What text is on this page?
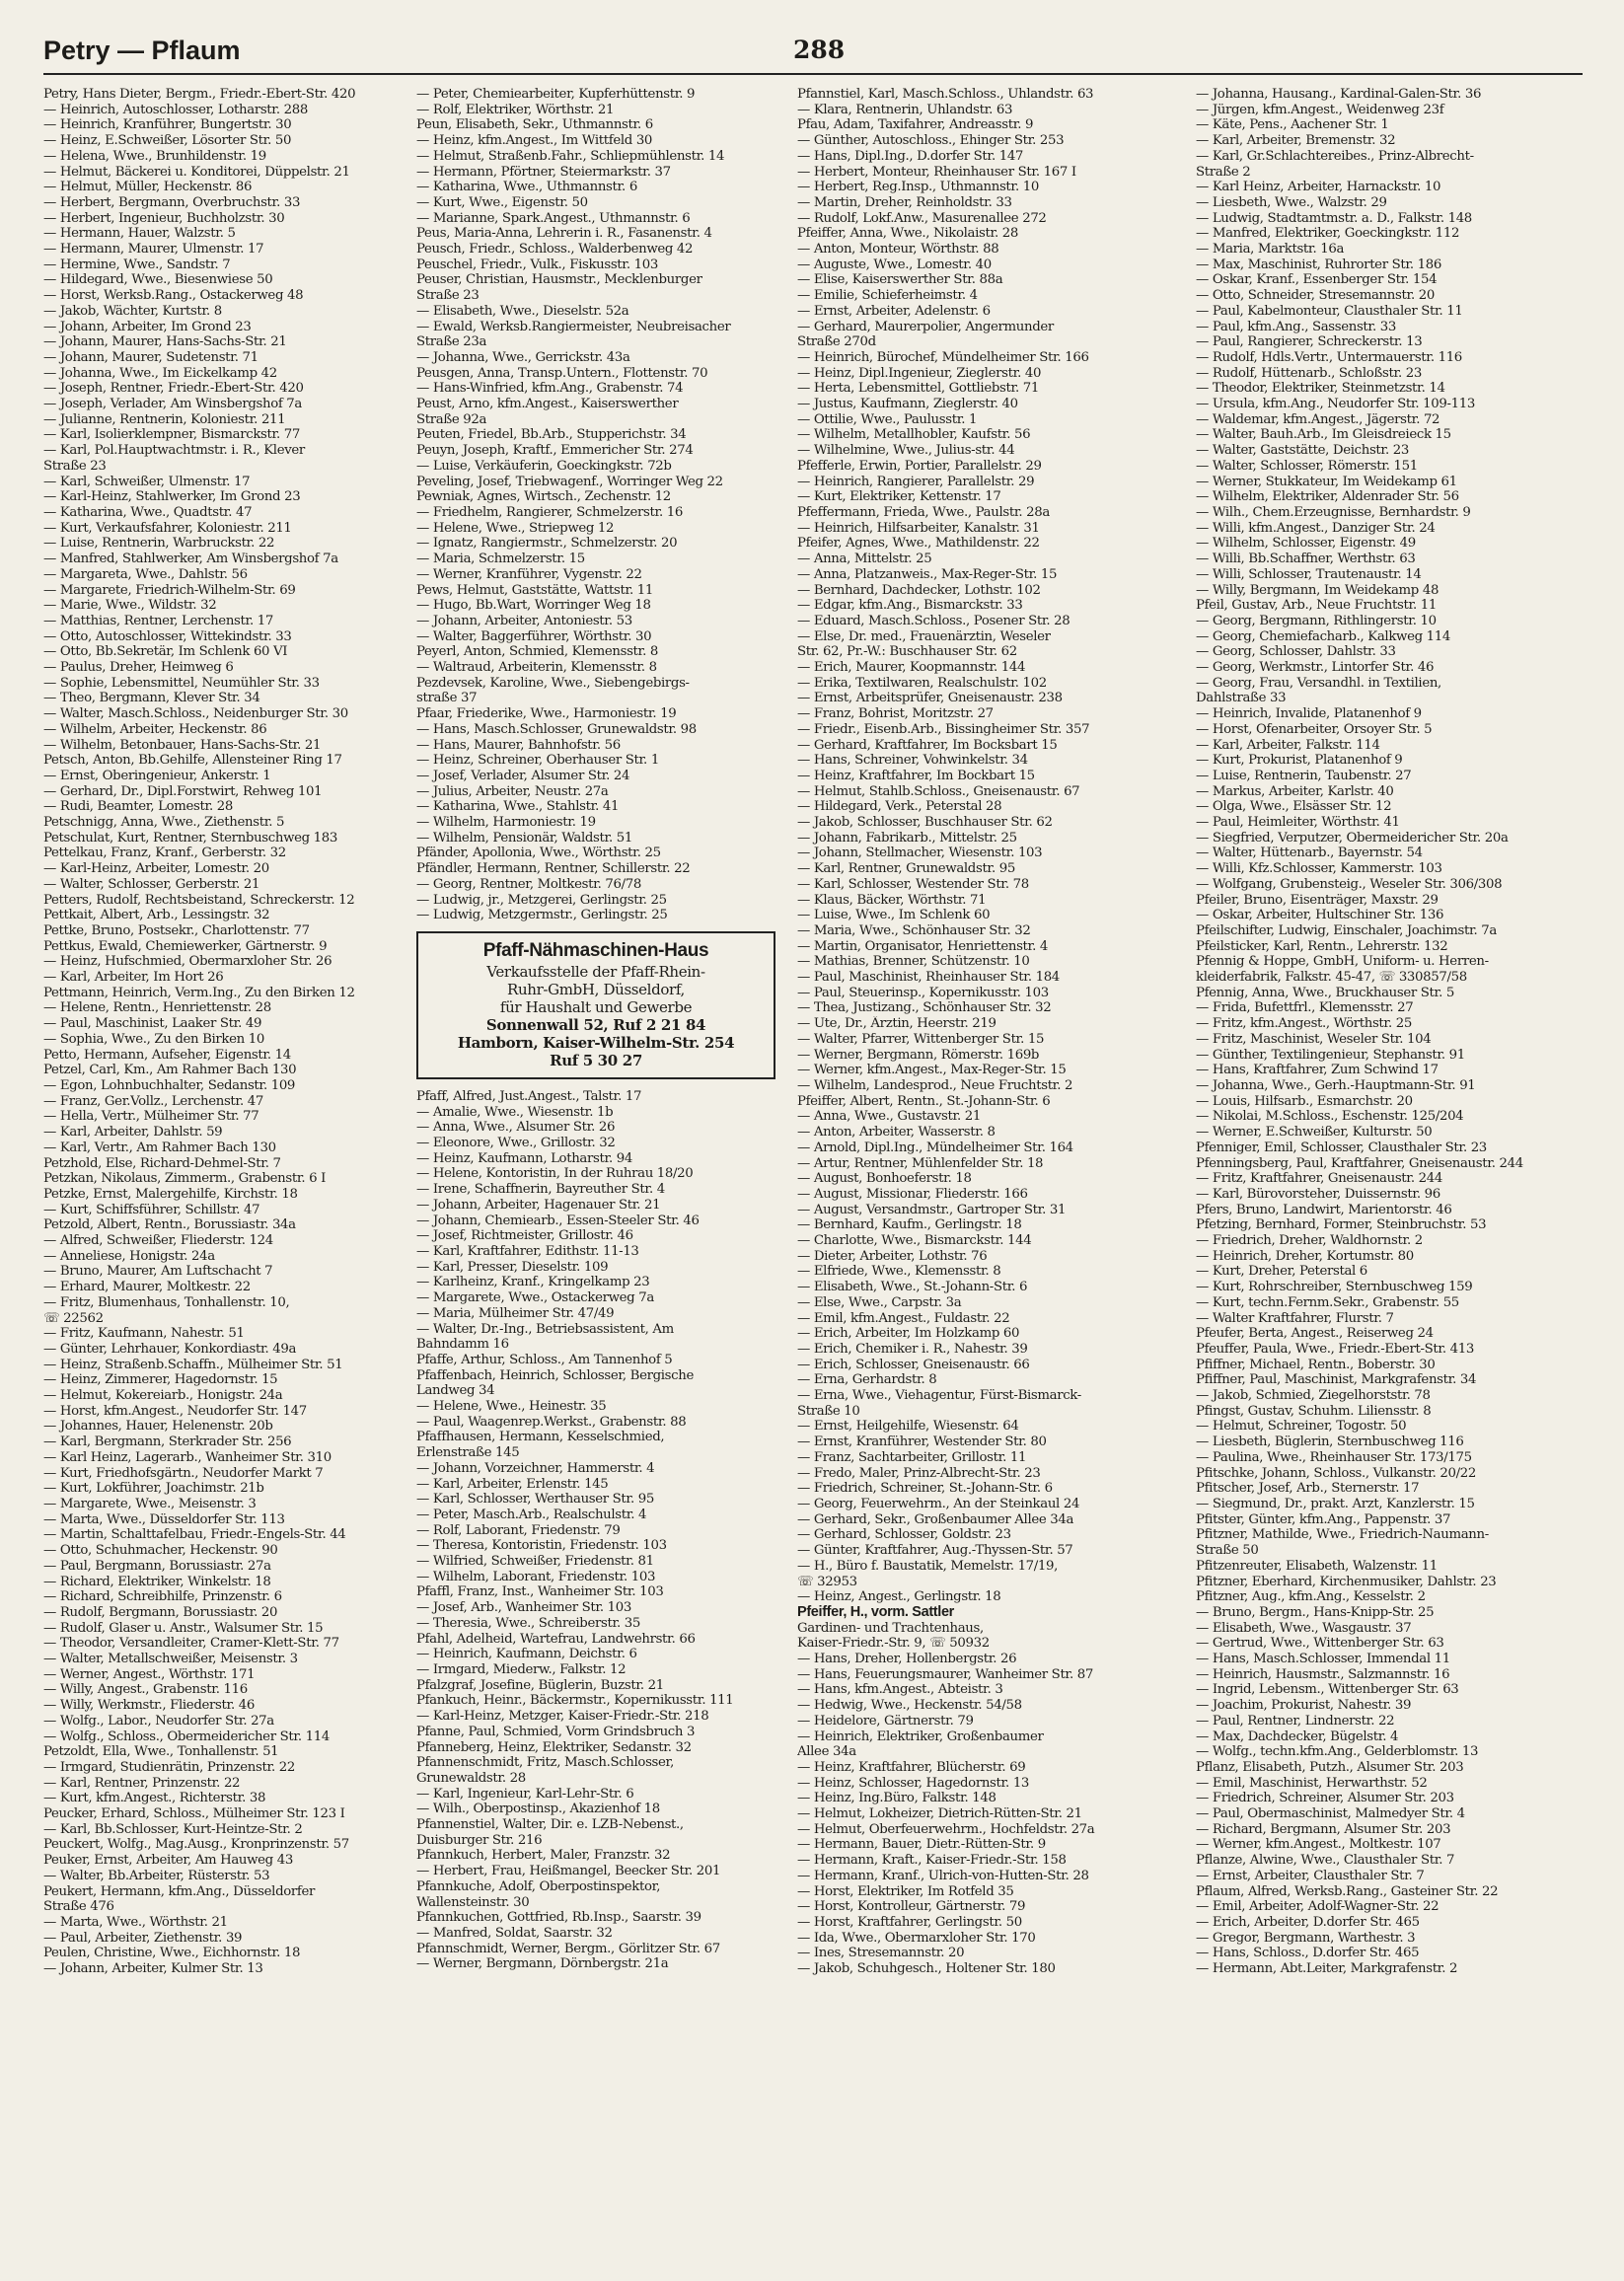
Petry — Pflaum	288
Petry, Hans Dieter, Bergm., Friedr.-Ebert-Str. 420
— Heinrich, Autoschlosser, Lotharstr. 288
— Heinrich, Kranführer, Bungertstr. 30
— Heinz, E.Schweißer, Lösorter Str. 50
— Helena, Wwe., Brunhildenstr. 19
— Helmut, Bäckerei u. Konditorei, Düppelstr. 21
— Helmut, Müller, Heckenstr. 86
— Herbert, Bergmann, Overbruchstr. 33
— Herbert, Ingenieur, Buchholzstr. 30
— Hermann, Hauer, Walzstr. 5
— Hermann, Maurer, Ulmenstr. 17
— Hermine, Wwe., Sandstr. 7
— Hildegard, Wwe., Biesenwiese 50
— Horst, Werksb.Rang., Ostackerweg 48
— Jakob, Wächter, Kurtstr. 8
— Johann, Arbeiter, Im Grond 23
— Johann, Maurer, Hans-Sachs-Str. 21
— Johann, Maurer, Sudetenstr. 71
— Johanna, Wwe., Im Eickelkamp 42
— Joseph, Rentner, Friedr.-Ebert-Str. 420
— Joseph, Verlader, Am Winsbergshof 7a
— Julianne, Rentnerin, Koloniestr. 211
— Karl, Isolierklempner, Bismarckstr. 77
— Karl, Pol.Hauptwachtmstr. i. R., Klever
Straße 23
— Karl, Schweißer, Ulmenstr. 17
— Karl-Heinz, Stahlwerker, Im Grond 23
— Katharina, Wwe., Quadtstr. 47
— Kurt, Verkaufsfahrer, Koloniestr. 211
— Luise, Rentnerin, Warbruckstr. 22
— Manfred, Stahlwerker, Am Winsbergshof 7a
— Margareta, Wwe., Dahlstr. 56
— Margarete, Friedrich-Wilhelm-Str. 69
— Marie, Wwe., Wildstr. 32
— Matthias, Rentner, Lerchenstr. 17
— Otto, Autoschlosser, Wittekindstr. 33
— Otto, Bb.Sekretär, Im Schlenk 60 VI
— Paulus, Dreher, Heimweg 6
— Sophie, Lebensmittel, Neumühler Str. 33
— Theo, Bergmann, Klever Str. 34
— Walter, Masch.Schloss., Neidenburger Str. 30
— Wilhelm, Arbeiter, Heckenstr. 86
— Wilhelm, Betonbauer, Hans-Sachs-Str. 21
Petsch, Anton, Bb.Gehilfe, Allensteiner Ring 17
— Ernst, Oberingenieur, Ankerstr. 1
— Gerhard, Dr., Dipl.Forstwirt, Rehweg 101
— Rudi, Beamter, Lomestr. 28
Petschnigg, Anna, Wwe., Ziethenstr. 5
Petschulat, Kurt, Rentner, Sternbuschweg 183
Pettelkau, Franz, Kranf., Gerberstr. 32
— Karl-Heinz, Arbeiter, Lomestr. 20
— Walter, Schlosser, Gerberstr. 21
Petters, Rudolf, Rechtsbeistand, Schreckerstr. 12
Pettkait, Albert, Arb., Lessingstr. 32
Pettke, Bruno, Postsekr., Charlottenstr. 77
Pettkus, Ewald, Chemiewerker, Gärtnerstr. 9
— Heinz, Hufschmied, Obermarxloher Str. 26
— Karl, Arbeiter, Im Hort 26
Pettmann, Heinrich, Verm.Ing., Zu den Birken 12
— Helene, Rentn., Henriettenstr. 28
— Paul, Maschinist, Laaker Str. 49
— Sophia, Wwe., Zu den Birken 10
Petto, Hermann, Aufseher, Eigenstr. 14
Petzel, Carl, Km., Am Rahmer Bach 130
— Egon, Lohnbuchhalter, Sedanstr. 109
— Franz, Ger.Vollz., Lerchenstr. 47
— Hella, Vertr., Mülheimer Str. 77
— Karl, Arbeiter, Dahlstr. 59
— Karl, Vertr., Am Rahmer Bach 130
Petzhold, Else, Richard-Dehmel-Str. 7
Petzkan, Nikolaus, Zimmerm., Grabenstr. 6 I
Petzke, Ernst, Malergehilfe, Kirchstr. 18
— Kurt, Schiffsführer, Schillstr. 47
Petzold, Albert, Rentn., Borussiastr. 34a
— Alfred, Schweißer, Fliederstr. 124
— Anneliese, Honigstr. 24a
— Bruno, Maurer, Am Luftschacht 7
— Erhard, Maurer, Moltkestr. 22
— Fritz, Blumenhaus, Tonhallenstr. 10,
☏ 22562
— Fritz, Kaufmann, Nahestr. 51
— Günter, Lehrhauer, Konkordiastr. 49a
— Heinz, Straßenb.Schaffn., Mülheimer Str. 51
— Heinz, Zimmerer, Hagedornstr. 15
— Helmut, Kokereiarb., Honigstr. 24a
— Horst, kfm.Angest., Neudorfer Str. 147
— Johannes, Hauer, Helenenstr. 20b
— Karl, Bergmann, Sterkrader Str. 256
— Karl Heinz, Lagerarb., Wanheimer Str. 310
— Kurt, Friedhofsgärtn., Neudorfer Markt 7
— Kurt, Lokführer, Joachimstr. 21b
— Margarete, Wwe., Meisenstr. 3
— Marta, Wwe., Düsseldorfer Str. 113
— Martin, Schalttafelbau, Friedr.-Engels-Str. 44
— Otto, Schuhmacher, Heckenstr. 90
— Paul, Bergmann, Borussiastr. 27a
— Richard, Elektriker, Winkelstr. 18
— Richard, Schreibhilfe, Prinzenstr. 6
— Rudolf, Bergmann, Borussiastr. 20
— Rudolf, Glaser u. Anstr., Walsumer Str. 15
— Theodor, Versandleiter, Cramer-Klett-Str. 77
— Walter, Metallschweißer, Meisenstr. 3
— Werner, Angest., Wörthstr. 171
— Willy, Angest., Grabenstr. 116
— Willy, Werkmstr., Fliederstr. 46
— Wolfg., Labor., Neudorfer Str. 27a
— Wolfg., Schloss., Obermeidericher Str. 114
Petzoldt, Ella, Wwe., Tonhallenstr. 51
— Irmgard, Studienrätin, Prinzenstr. 22
— Karl, Rentner, Prinzenstr. 22
— Kurt, kfm.Angest., Richterstr. 38
Peucker, Erhard, Schloss., Mülheimer Str. 123 I
— Karl, Bb.Schlosser, Kurt-Heintze-Str. 2
Peuckert, Wolfg., Mag.Ausg., Kronprinzenstr. 57
Peuker, Ernst, Arbeiter, Am Hauweg 43
— Walter, Bb.Arbeiter, Rüsterstr. 53
Peukert, Hermann, kfm.Ang., Düsseldorfer
Straße 476
— Marta, Wwe., Wörthstr. 21
— Paul, Arbeiter, Ziethenstr. 39
Peulen, Christine, Wwe., Eichhornstr. 18
— Johann, Arbeiter, Kulmer Str. 13
— Peter, Chemiearbeiter, Kupferhüttenstr. 9
— Rolf, Elektriker, Wörthstr. 21
Peun, Elisabeth, Sekr., Uthmannstr. 6
— Heinz, kfm.Angest., Im Wittfeld 30
— Helmut, Straßenb.Fahr., Schliepmühlenstr. 14
— Hermann, Pförtner, Steiermarkstr. 37
— Katharina, Wwe., Uthmannstr. 6
— Kurt, Wwe., Eigenstr. 50
— Marianne, Spark.Angest., Uthmannstr. 6
Peus, Maria-Anna, Lehrerin i. R., Fasanenstr. 4
Peusch, Friedr., Schloss., Walderbenweg 42
Peuschel, Friedr., Vulk., Fiskusstr. 103
Peuser, Christian, Hausmstr., Mecklenburger
Straße 23
— Elisabeth, Wwe., Dieselstr. 52a
— Ewald, Werksb.Rangiermeister, Neubreisacher
Straße 23a
— Johanna, Wwe., Gerrickstr. 43a
Peusgen, Anna, Transp.Untern., Flottenstr. 70
— Hans-Winfried, kfm.Ang., Grabenstr. 74
Peust, Arno, kfm.Angest., Kaiserswerther
Straße 92a
Peuten, Friedel, Bb.Arb., Stupperichstr. 34
Peuyn, Joseph, Kraftf., Emmericher Str. 274
— Luise, Verkäuferin, Goeckingkstr. 72b
Peveling, Josef, Triebwagenf., Worringer Weg 22
Pewniak, Agnes, Wirtsch., Zechenstr. 12
— Friedhelm, Rangierer, Schmelzerstr. 16
— Helene, Wwe., Striepweg 12
— Ignatz, Rangiermstr., Schmelzerstr. 20
— Maria, Schmelzerstr. 15
— Werner, Kranführer, Vygenstr. 22
Pews, Helmut, Gaststätte, Wattstr. 11
— Hugo, Bb.Wart, Worringer Weg 18
— Johann, Arbeiter, Antoniestr. 53
— Walter, Baggerführer, Wörthstr. 30
Peyerl, Anton, Schmied, Klemensstr. 8
— Waltraud, Arbeiterin, Klemensstr. 8
Pezdevsek, Karoline, Wwe., Siebengebirgs-
straße 37
Pfaar, Friederike, Wwe., Harmoniestr. 19
— Hans, Masch.Schlosser, Grunewaldstr. 98
— Hans, Maurer, Bahnhofstr. 56
— Heinz, Schreiner, Oberhauser Str. 1
— Josef, Verlader, Alsumer Str. 24
— Julius, Arbeiter, Neustr. 27a
— Katharina, Wwe., Stahlstr. 41
— Wilhelm, Harmoniestr. 19
— Wilhelm, Pensionär, Waldstr. 51
Pfänder, Apollonia, Wwe., Wörthstr. 25
Pfändler, Hermann, Rentner, Schillerstr. 22
— Georg, Rentner, Moltkestr. 76/78
— Ludwig, jr., Metzgerei, Gerlingstr. 25
— Ludwig, Metzgermstr., Gerlingstr. 25
Pfaff-Nähmaschinen-Haus
Verkaufsstelle der Pfaff-Rhein-
Ruhr-GmbH, Düsseldorf,
für Haushalt und Gewerbe
Sonnenwall 52, Ruf 2 21 84
Hamborn, Kaiser-Wilhelm-Str. 254
Ruf 5 30 27
Pfaff, Alfred, Just.Angest., Talstr. 17
— Amalie, Wwe., Wiesenstr. 1b
— Anna, Wwe., Alsumer Str. 26
— Eleonore, Wwe., Grillostr. 32
— Heinz, Kaufmann, Lotharstr. 94
— Helene, Kontoristin, In der Ruhrau 18/20
— Irene, Schaffnerin, Bayreuther Str. 4
— Johann, Arbeiter, Hagenauer Str. 21
— Johann, Chemiearb., Essen-Steeler Str. 46
— Josef, Richtmeister, Grillostr. 46
— Karl, Kraftfahrer, Edithstr. 11-13
— Karl, Presser, Dieselstr. 109
— Karlheinz, Kranf., Kringelkamp 23
— Margarete, Wwe., Ostackerweg 7a
— Maria, Mülheimer Str. 47/49
— Walter, Dr.-Ing., Betriebsassistent, Am
Bahndamm 16
Pfaffe, Arthur, Schloss., Am Tannenhof 5
Pfaffenbach, Heinrich, Schlosser, Bergische
Landweg 34
— Helene, Wwe., Heinestr. 35
— Paul, Waagenrep.Werkst., Grabenstr. 88
Pfaffhausen, Hermann, Kesselschmied,
Erlenstraße 145
— Johann, Vorzeichner, Hammerstr. 4
— Karl, Arbeiter, Erlenstr. 145
— Karl, Schlosser, Werthauser Str. 95
— Peter, Masch.Arb., Realschulstr. 4
— Rolf, Laborant, Friedenstr. 79
— Theresa, Kontoristin, Friedenstr. 103
— Wilfried, Schweißer, Friedenstr. 81
— Wilhelm, Laborant, Friedenstr. 103
Pfaffl, Franz, Inst., Wanheimer Str. 103
— Josef, Arb., Wanheimer Str. 103
— Theresia, Wwe., Schreiberstr. 35
Pfahl, Adelheid, Wartefrau, Landwehrstr. 66
— Heinrich, Kaufmann, Deichstr. 6
— Irmgard, Miederw., Falkstr. 12
Pfalzgraf, Josefine, Büglerin, Buzstr. 21
Pfankuch, Heinr., Bäckermstr., Kopernikusstr. 111
— Karl-Heinz, Metzger, Kaiser-Friedr.-Str. 218
Pfanne, Paul, Schmied, Vorm Grindsbruch 3
Pfanneberg, Heinz, Elektriker, Sedanstr. 32
Pfannenschmidt, Fritz, Masch.Schlosser,
Grunewaldstr. 28
— Karl, Ingenieur, Karl-Lehr-Str. 6
— Wilh., Oberpostinsp., Akazienhof 18
Pfannenstiel, Walter, Dir. e. LZB-Nebenst.,
Duisburger Str. 216
Pfannkuch, Herbert, Maler, Franzstr. 32
— Herbert, Frau, Heißmangel, Beecker Str. 201
Pfannkuche, Adolf, Oberpostinspektor,
Wallensteinstr. 30
Pfannkuchen, Gottfried, Rb.Insp., Saarstr. 39
— Manfred, Soldat, Saarstr. 32
Pfannschmidt, Werner, Bergm., Görlitzer Str. 67
— Werner, Bergmann, Dörnbergstr. 21a
Pfannstiel, Karl, Masch.Schloss., Uhlandstr. 63
— Klara, Rentnerin, Uhlandstr. 63
Pfau, Adam, Taxifahrer, Andreasstr. 9
— Günther, Autoschloss., Ehinger Str. 253
— Hans, Dipl.Ing., D.dorfer Str. 147
— Herbert, Monteur, Rheinhauser Str. 167 I
— Herbert, Reg.Insp., Uthmannstr. 10
— Martin, Dreher, Reinholdstr. 33
— Rudolf, Lokf.Anw., Masurenallee 272
Pfeiffer, Anna, Wwe., Nikolaistr. 28
— Anton, Monteur, Wörthstr. 88
— Auguste, Wwe., Lomestr. 40
— Elise, Kaiserswerther Str. 88a
— Emilie, Schieferheimstr. 4
— Ernst, Arbeiter, Adelenstr. 6
— Gerhard, Maurerpolier, Angermunder
Straße 270d
— Heinrich, Bürochef, Mündelheimer Str. 166
— Heinz, Dipl.Ingenieur, Zieglerstr. 40
— Herta, Lebensmittel, Gottliebstr. 71
— Justus, Kaufmann, Zieglerstr. 40
— Ottilie, Wwe., Paulusstr. 1
— Wilhelm, Metallhobler, Kaufstr. 56
— Wilhelmine, Wwe., Julius-str. 44
Pfefferle, Erwin, Portier, Parallelstr. 29
— Heinrich, Rangierer, Parallelstr. 29
— Kurt, Elektriker, Kettenstr. 17
Pfeffermann, Frieda, Wwe., Paulstr. 28a
— Heinrich, Hilfsarbeiter, Kanalstr. 31
Pfeifer, Agnes, Wwe., Mathildenstr. 22
— Anna, Mittelstr. 25
— Anna, Platzanweis., Max-Reger-Str. 15
— Bernhard, Dachdecker, Lothstr. 102
— Edgar, kfm.Ang., Bismarckstr. 33
— Eduard, Masch.Schloss., Posener Str. 28
— Else, Dr. med., Frauenärztin, Weseler
Str. 62, Pr.-W.: Buschhauser Str. 62
— Erich, Maurer, Koopmannstr. 144
— Erika, Textilwaren, Realschulstr. 102
— Ernst, Arbeitsprüfer, Gneisenaustr. 238
— Franz, Bohrist, Moritzstr. 27
— Friedr., Eisenb.Arb., Bissingheimer Str. 357
— Gerhard, Kraftfahrer, Im Bocksbart 15
— Hans, Schreiner, Vohwinkelstr. 34
— Heinz, Kraftfahrer, Im Bockbart 15
— Helmut, Stahlb.Schloss., Gneisenaustr. 67
— Hildegard, Verk., Peterstal 28
— Jakob, Schlosser, Buschhauser Str. 62
— Johann, Fabrikarb., Mittelstr. 25
— Johann, Stellmacher, Wiesenstr. 103
— Karl, Rentner, Grunewaldstr. 95
— Karl, Schlosser, Westender Str. 78
— Klaus, Bäcker, Wörthstr. 71
— Luise, Wwe., Im Schlenk 60
— Maria, Wwe., Schönhauser Str. 32
— Martin, Organisator, Henriettenstr. 4
— Mathias, Brenner, Schützenstr. 10
— Paul, Maschinist, Rheinhauser Str. 184
— Paul, Steuerinsp., Kopernikusstr. 103
— Thea, Justizang., Schönhauser Str. 32
— Ute, Dr., Ärztin, Heerstr. 219
— Walter, Pfarrer, Wittenberger Str. 15
— Werner, Bergmann, Römerstr. 169b
— Werner, kfm.Angest., Max-Reger-Str. 15
— Wilhelm, Landesprod., Neue Fruchtstr. 2
Pfeiffer, Albert, Rentn., St.-Johann-Str. 6
— Anna, Wwe., Gustavstr. 21
— Anton, Arbeiter, Wasserstr. 8
— Arnold, Dipl.Ing., Mündelheimer Str. 164
— Artur, Rentner, Mühlenfelder Str. 18
— August, Bonhoeferstr. 18
— August, Missionar, Fliederstr. 166
— August, Versandmstr., Gartroper Str. 31
— Bernhard, Kaufm., Gerlingstr. 18
— Charlotte, Wwe., Bismarckstr. 144
— Dieter, Arbeiter, Lothstr. 76
— Elfriede, Wwe., Klemensstr. 8
— Elisabeth, Wwe., St.-Johann-Str. 6
— Else, Wwe., Carpstr. 3a
— Emil, kfm.Angest., Fuldastr. 22
— Erich, Arbeiter, Im Holzkamp 60
— Erich, Chemiker i. R., Nahestr. 39
— Erich, Schlosser, Gneisenaustr. 66
— Erna, Gerhardstr. 8
— Erna, Wwe., Viehagentur, Fürst-Bismarck-
Straße 10
— Ernst, Heilgehilfe, Wiesenstr. 64
— Ernst, Kranführer, Westender Str. 80
— Franz, Sachtarbeiter, Grillostr. 11
— Fredo, Maler, Prinz-Albrecht-Str. 23
— Friedrich, Schreiner, St.-Johann-Str. 6
— Georg, Feuerwehrm., An der Steinkaul 24
— Gerhard, Sekr., Großenbaumer Allee 34a
— Gerhard, Schlosser, Goldstr. 23
— Günter, Kraftfahrer, Aug.-Thyssen-Str. 57
— H., Büro f. Baustatik, Memelstr. 17/19,
☏ 32953
— Heinz, Angest., Gerlingstr. 18
Pfeiffer, H., vorm. Sattler
Gardinen- und Trachtenhaus,
Kaiser-Friedr.-Str. 9, ☏ 50932
— Hans, Dreher, Hollenbergstr. 26
— Hans, Feuerungsmaurer, Wanheimer Str. 87
— Hans, kfm.Angest., Abteistr. 3
— Hedwig, Wwe., Heckenstr. 54/58
— Heidelore, Gärtnerstr. 79
— Heinrich, Elektriker, Großenbaumer
Allee 34a
— Heinz, Kraftfahrer, Blücherstr. 69
— Heinz, Schlosser, Hagedornstr. 13
— Heinz, Ing.Büro, Falkstr. 148
— Helmut, Lokheizer, Dietrich-Rütten-Str. 21
— Helmut, Oberfeuerwehrm., Hochfeldstr. 27a
— Hermann, Bauer, Dietr.-Rütten-Str. 9
— Hermann, Kraft., Kaiser-Friedr.-Str. 158
— Hermann, Kranf., Ulrich-von-Hutten-Str. 28
— Horst, Elektriker, Im Rotfeld 35
— Horst, Kontrolleur, Gärtnerstr. 79
— Horst, Kraftfahrer, Gerlingstr. 50
— Ida, Wwe., Obermarxloher Str. 170
— Ines, Stresemannstr. 20
— Jakob, Schuhgesch., Holtener Str. 180
— Johanna, Hausang., Kardinal-Galen-Str. 36
— Jürgen, kfm.Angest., Weidenweg 23f
— Käte, Pens., Aachener Str. 1
— Karl, Arbeiter, Bremenstr. 32
— Karl, Gr.Schlachtereibes., Prinz-Albrecht-
Straße 2
— Karl Heinz, Arbeiter, Harnackstr. 10
— Liesbeth, Wwe., Walzstr. 29
— Ludwig, Stadtamtmstr. a. D., Falkstr. 148
— Manfred, Elektriker, Goeckingkstr. 112
— Maria, Marktstr. 16a
— Max, Maschinist, Ruhrorter Str. 186
— Oskar, Kranf., Essenberger Str. 154
— Otto, Schneider, Stresemannstr. 20
— Paul, Kabelmonteur, Clausthaler Str. 11
— Paul, kfm.Ang., Sassenstr. 33
— Paul, Rangierer, Schreckerstr. 13
— Rudolf, Hdls.Vertr., Untermauerstr. 116
— Rudolf, Hüttenarb., Schloßstr. 23
— Theodor, Elektriker, Steinmetzstr. 14
— Ursula, kfm.Ang., Neudorfer Str. 109-113
— Waldemar, kfm.Angest., Jägerstr. 72
— Walter, Bauh.Arb., Im Gleisdreieck 15
— Walter, Gaststätte, Deichstr. 23
— Walter, Schlosser, Römerstr. 151
— Werner, Stukkateur, Im Weidekamp 61
— Wilhelm, Elektriker, Aldenrader Str. 56
— Wilh., Chem.Erzeugnisse, Bernhardstr. 9
— Willi, kfm.Angest., Danziger Str. 24
— Wilhelm, Schlosser, Eigenstr. 49
— Willi, Bb.Schaffner, Werthstr. 63
— Willi, Schlosser, Trautenaustr. 14
— Willy, Bergmann, Im Weidekamp 48
Pfeil, Gustav, Arb., Neue Fruchtstr. 11
— Georg, Bergmann, Rithlingerstr. 10
— Georg, Chemiefacharb., Kalkweg 114
— Georg, Schlosser, Dahlstr. 33
— Georg, Werkmstr., Lintorfer Str. 46
— Georg, Frau, Versandhl. in Textilien,
Dahlstraße 33
— Heinrich, Invalide, Platanenhof 9
— Horst, Ofenarbeiter, Orsoyer Str. 5
— Karl, Arbeiter, Falkstr. 114
— Kurt, Prokurist, Platanenhof 9
— Luise, Rentnerin, Taubenstr. 27
— Markus, Arbeiter, Karlstr. 40
— Olga, Wwe., Elsässer Str. 12
— Paul, Heimleiter, Wörthstr. 41
— Siegfried, Verputzer, Obermeidericher Str. 20a
— Walter, Hüttenarb., Bayernstr. 54
— Willi, Kfz.Schlosser, Kammerstr. 103
— Wolfgang, Grubensteig., Weseler Str. 306/308
Pfeiler, Bruno, Eisenträger, Maxstr. 29
— Oskar, Arbeiter, Hultschiner Str. 136
Pfeilschifter, Ludwig, Einschaler, Joachimstr. 7a
Pfeilsticker, Karl, Rentn., Lehrerstr. 132
Pfennig & Hoppe, GmbH, Uniform- u. Herren-
kleiderfabrik, Falkstr. 45-47, ☏ 330857/58
Pfennig, Anna, Wwe., Bruckhauser Str. 5
— Frida, Bufettfrl., Klemensstr. 27
— Fritz, kfm.Angest., Wörthstr. 25
— Fritz, Maschinist, Weseler Str. 104
— Günther, Textilingenieur, Stephanstr. 91
— Hans, Kraftfahrer, Zum Schwind 17
— Johanna, Wwe., Gerh.-Hauptmann-Str. 91
— Louis, Hilfsarb., Esmarchstr. 20
— Nikolai, M.Schloss., Eschenstr. 125/204
— Werner, E.Schweißer, Kulturstr. 50
Pfenniger, Emil, Schlosser, Clausthaler Str. 23
Pfenningsberg, Paul, Kraftfahrer, Gneisenaustr. 244
— Fritz, Kraftfahrer, Gneisenaustr. 244
— Karl, Bürovorsteher, Duissernstr. 96
Pfers, Bruno, Landwirt, Marientorstr. 46
Pfetzing, Bernhard, Former, Steinbruchstr. 53
— Friedrich, Dreher, Waldhornstr. 2
— Heinrich, Dreher, Kortumstr. 80
— Kurt, Dreher, Peterstal 6
— Kurt, Rohrschreiber, Sternbuschweg 159
— Kurt, techn.Fernm.Sekr., Grabenstr. 55
— Walter Kraftfahrer, Flurstr. 7
Pfeufer, Berta, Angest., Reiserweg 24
Pfeuffer, Paula, Wwe., Friedr.-Ebert-Str. 413
Pfiffner, Michael, Rentn., Boberstr. 30
Pfiffner, Paul, Maschinist, Markgrafenstr. 34
— Jakob, Schmied, Ziegelhorststr. 78
Pfingst, Gustav, Schuhm. Liliensstr. 8
— Helmut, Schreiner, Togostr. 50
— Liesbeth, Büglerin, Sternbuschweg 116
— Paulina, Wwe., Rheinhauser Str. 173/175
Pfitschke, Johann, Schloss., Vulkanstr. 20/22
Pfitscher, Josef, Arb., Sternerstr. 17
— Siegmund, Dr., prakt. Arzt, Kanzlerstr. 15
Pfitster, Günter, kfm.Ang., Pappenstr. 37
Pfitzner, Mathilde, Wwe., Friedrich-Naumann-
Straße 50
Pfitzenreuter, Elisabeth, Walzenstr. 11
Pfitzner, Eberhard, Kirchenmusiker, Dahlstr. 23
Pfitzner, Aug., kfm.Ang., Kesselstr. 2
— Bruno, Bergm., Hans-Knipp-Str. 25
— Elisabeth, Wwe., Wasgaustr. 37
— Gertrud, Wwe., Wittenberger Str. 63
— Hans, Masch.Schlosser, Immendal 11
— Heinrich, Hausmstr., Salzmannstr. 16
— Ingrid, Lebensm., Wittenberger Str. 63
— Joachim, Prokurist, Nahestr. 39
— Paul, Rentner, Lindnerstr. 22
— Max, Dachdecker, Bügelstr. 4
— Wolfg., techn.kfm.Ang., Gelderblomstr. 13
Pflanz, Elisabeth, Putzh., Alsumer Str. 203
— Emil, Maschinist, Herwarthstr. 52
— Friedrich, Schreiner, Alsumer Str. 203
— Paul, Obermaschinist, Malmedyer Str. 4
— Richard, Bergmann, Alsumer Str. 203
— Werner, kfm.Angest., Moltkestr. 107
Pflanze, Alwine, Wwe., Clausthaler Str. 7
— Ernst, Arbeiter, Clausthaler Str. 7
Pflaum, Alfred, Werksb.Rang., Gasteiner Str. 22
— Emil, Arbeiter, Adolf-Wagner-Str. 22
— Erich, Arbeiter, D.dorfer Str. 465
— Gregor, Bergmann, Warthestr. 3
— Hans, Schloss., D.dorfer Str. 465
— Hermann, Abt.Leiter, Markgrafenstr. 2
